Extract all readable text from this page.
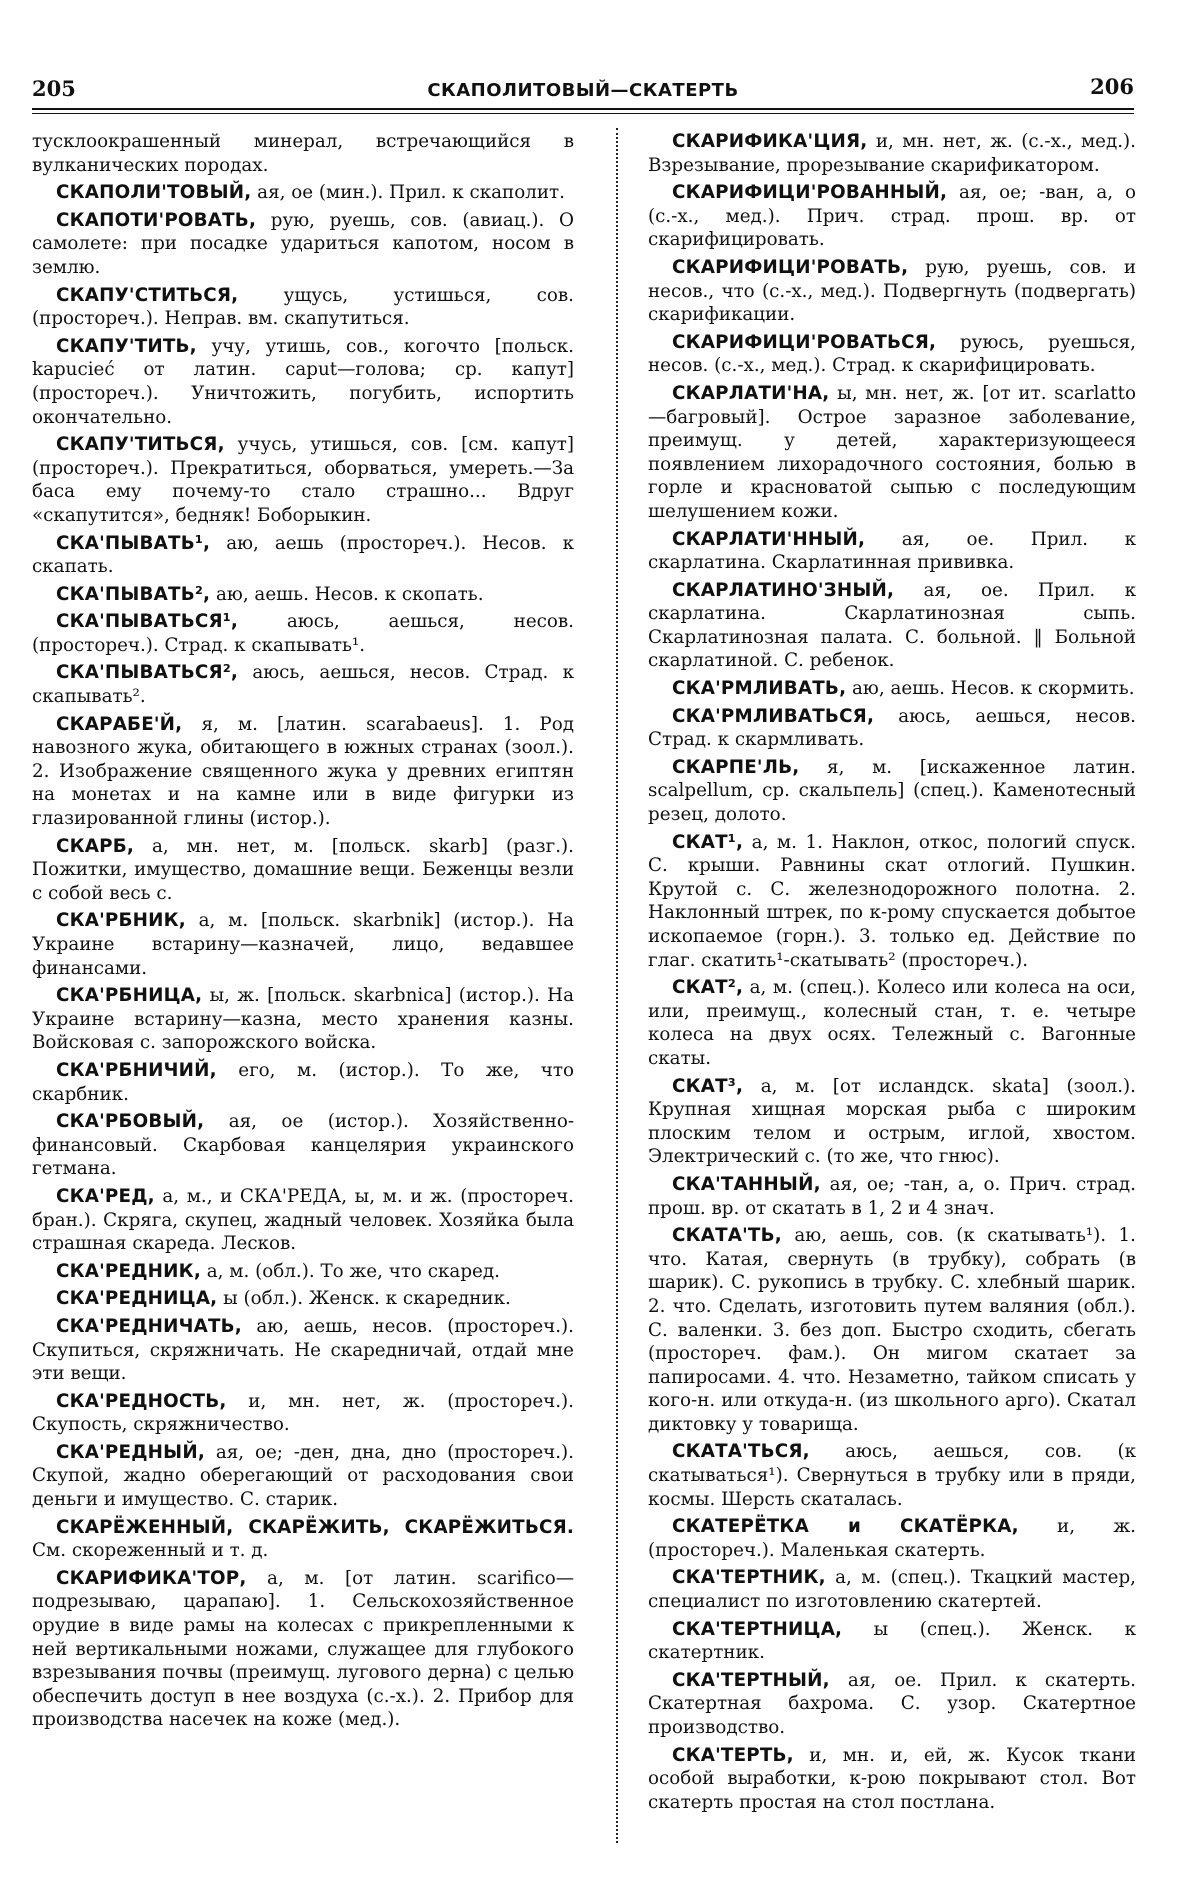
205	СКАПОЛИТОВЫЙ—СКАТЕРТЬ	206

тусклоокрашенный минерал, встречающийся в вулканических породах.

СКАПОЛИ'ТОВЫЙ, ая, ое (мин.). Прил. к скаполит.

СКАПОТИ'РОВАТЬ, рую, руешь, сов. (авиац.). О самолете: при посадке удариться капотом, носом в землю.

СКАПУ'СТИТЬСЯ, ущусь, устишься, сов. (простореч.). Неправ. вм. скапутиться.

СКАПУ'ТИТЬ, учу, утишь, сов., когочто [польск. kapucieć от латин. caput—голова; ср. капут] (простореч.). Уничтожить, погубить, испортить окончательно.

СКАПУ'ТИТЬСЯ, учусь, утишься, сов. [см. капут] (простореч.). Прекратиться, оборваться, умереть.—За баса ему почему-то стало страшно... Вдруг «скапутится», бедняк! Боборыкин.

СКА'ПЫВАТЬ¹, аю, аешь (простореч.). Несов. к скапать.

СКА'ПЫВАТЬ², аю, аешь. Несов. к скопать.

СКА'ПЫВАТЬСЯ¹, аюсь, аешься, несов. (простореч.). Страд. к скапывать¹.

СКА'ПЫВАТЬСЯ², аюсь, аешься, несов. Страд. к скапывать².

СКАРАБЕ'Й, я, м. [латин. scarabaeus]. 1. Род навозного жука, обитающего в южных странах (зоол.). 2. Изображение священного жука у древних египтян на монетах и на камне или в виде фигурки из глазированной глины (истор.).

СКАРБ, а, мн. нет, м. [польск. skarb] (разг.). Пожитки, имущество, домашние вещи. Беженцы везли с собой весь с.

СКА'РБНИК, а, м. [польск. skarbnik] (истор.). На Украине встарину—казначей, лицо, ведавшее финансами.

СКА'РБНИЦА, ы, ж. [польск. skarbnica] (истор.). На Украине встарину—казна, место хранения казны. Войсковая с. запорожского войска.

СКА'РБНИЧИЙ, его, м. (истор.). То же, что скарбник.

СКА'РБОВЫЙ, ая, ое (истор.). Хозяйственно-финансовый. Скарбовая канцелярия украинского гетмана.

СКА'РЕД, а, м., и СКА'РЕДА, ы, м. и ж. (простореч. бран.). Скряга, скупец, жадный человек. Хозяйка была страшная скареда. Лесков.

СКА'РЕДНИК, а, м. (обл.). То же, что скаред.

СКА'РЕДНИЦА, ы (обл.). Женск. к скаредник.

СКА'РЕДНИЧАТЬ, аю, аешь, несов. (простореч.). Скупиться, скряжничать. Не скаредничай, отдай мне эти вещи.

СКА'РЕДНОСТЬ, и, мн. нет, ж. (простореч.). Скупость, скряжничество.

СКА'РЕДНЫЙ, ая, ое; -ден, дна, дно (простореч.). Скупой, жадно оберегающий от расходования свои деньги и имущество. С. старик.

СКАРЁЖЕННЫЙ, СКАРЁЖИТЬ, СКАРЁЖИТЬСЯ. См. скореженный и т. д.

СКАРИФИКА'ТОР, а, м. [от латин. scarifico—подрезываю, царапаю]. 1. Сельскохозяйственное орудие в виде рамы на колесах с прикрепленными к ней вертикальными ножами, служащее для глубокого взрезывания почвы (преимущ. лугового дерна) с целью обеспечить доступ в нее воздуха (с.-х.). 2. Прибор для производства насечек на коже (мед.).

СКАРИФИКА'ЦИЯ, и, мн. нет, ж. (с.-х., мед.). Взрезывание, прорезывание скарификатором.

СКАРИФИЦИ'РОВАННЫЙ, ая, ое; -ван, а, о (с.-х., мед.). Прич. страд. прош. вр. от скарифицировать.

СКАРИФИЦИ'РОВАТЬ, рую, руешь, сов. и несов., что (с.-х., мед.). Подвергнуть (подвергать) скарификации.

СКАРИФИЦИ'РОВАТЬСЯ, руюсь, руешься, несов. (с.-х., мед.). Страд. к скарифицировать.

СКАРЛАТИ'НА, ы, мн. нет, ж. [от ит. scarlatto—багровый]. Острое заразное заболевание, преимущ. у детей, характеризующееся появлением лихорадочного состояния, болью в горле и красноватой сыпью с последующим шелушением кожи.

СКАРЛАТИ'ННЫЙ, ая, ое. Прил. к скарлатина. Скарлатинная прививка.

СКАРЛАТИНО'ЗНЫЙ, ая, ое. Прил. к скарлатина. Скарлатинозная сыпь. Скарлатинозная палата. С. больной. ‖ Больной скарлатиной. С. ребенок.

СКА'РМЛИВАТЬ, аю, аешь. Несов. к скормить.

СКА'РМЛИВАТЬСЯ, аюсь, аешься, несов. Страд. к скармливать.

СКАРПЕ'ЛЬ, я, м. [искаженное латин. scalpellum, ср. скальпель] (спец.). Каменотесный резец, долото.

СКАТ¹, а, м. 1. Наклон, откос, пологий спуск. С. крыши. Равнины скат отлогий. Пушкин. Крутой с. С. железнодорожного полотна. 2. Наклонный штрек, по к-рому спускается добытое ископаемое (горн.). 3. только ед. Действие по глаг. скатить¹-скатывать² (простореч.).

СКАТ², а, м. (спец.). Колесо или колеса на оси, или, преимущ., колесный стан, т. е. четыре колеса на двух осях. Тележный с. Вагонные скаты.

СКАТ³, а, м. [от исландск. skata] (зоол.). Крупная хищная морская рыба с широким плоским телом и острым, иглой, хвостом. Электрический с. (то же, что гнюс).

СКА'ТАННЫЙ, ая, ое; -тан, а, о. Прич. страд. прош. вр. от скатать в 1, 2 и 4 знач.

СКАТА'ТЬ, аю, аешь, сов. (к скатывать¹). 1. что. Катая, свернуть (в трубку), собрать (в шарик). С. рукопись в трубку. С. хлебный шарик. 2. что. Сделать, изготовить путем валяния (обл.). С. валенки. 3. без доп. Быстро сходить, сбегать (простореч. фам.). Он мигом скатает за папиросами. 4. что. Незаметно, тайком списать у кого-н. или откуда-н. (из школьного арго). Скатал диктовку у товарища.

СКАТА'ТЬСЯ, аюсь, аешься, сов. (к скатываться¹). Свернуться в трубку или в пряди, космы. Шерсть скаталась.

СКАТЕРЁТКА и СКАТЁРКА, и, ж. (простореч.). Маленькая скатерть.

СКА'ТЕРТНИК, а, м. (спец.). Ткацкий мастер, специалист по изготовлению скатертей.

СКА'ТЕРТНИЦА, ы (спец.). Женск. к скатертник.

СКА'ТЕРТНЫЙ, ая, ое. Прил. к скатерть. Скатертная бахрома. С. узор. Скатертное производство.

СКА'ТЕРТЬ, и, мн. и, ей, ж. Кусок ткани особой выработки, к-рою покрывают стол. Вот скатерть простая на стол постлана.
